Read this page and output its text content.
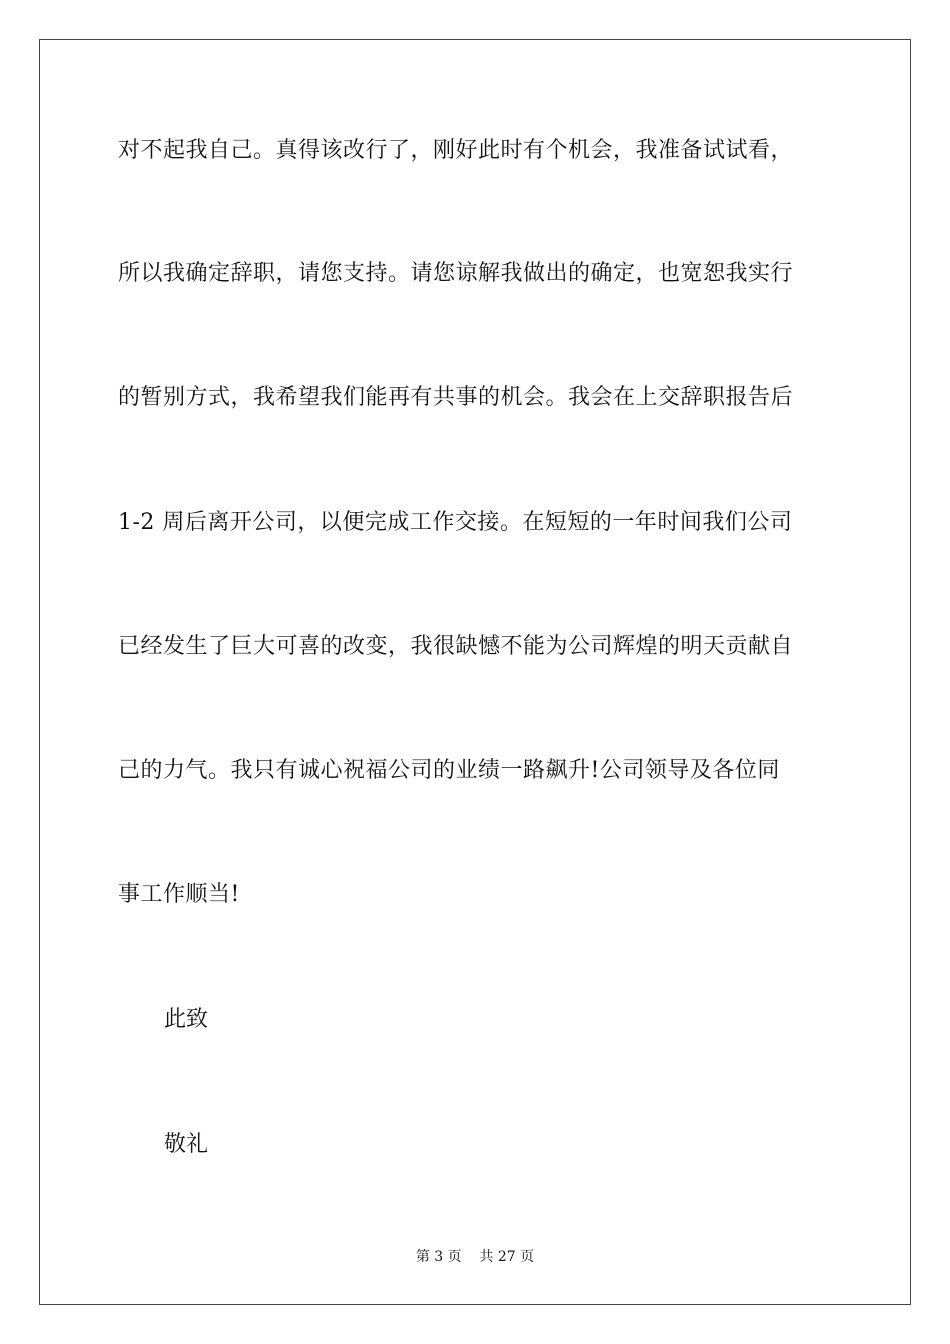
对不起我自己。真得该改行了，刚好此时有个机会，我准备试试看，
所以我确定辞职，请您支持。请您谅解我做出的确定，也宽恕我实行
的暂别方式，我希望我们能再有共事的机会。我会在上交辞职报告后
1-2 周后离开公司，以便完成工作交接。在短短的一年时间我们公司
已经发生了巨大可喜的改变，我很缺憾不能为公司辉煌的明天贡献自
己的力气。我只有诚心祝福公司的业绩一路飙升!公司领导及各位同
事工作顺当!
此致
敬礼
第 3 页    共 27 页
